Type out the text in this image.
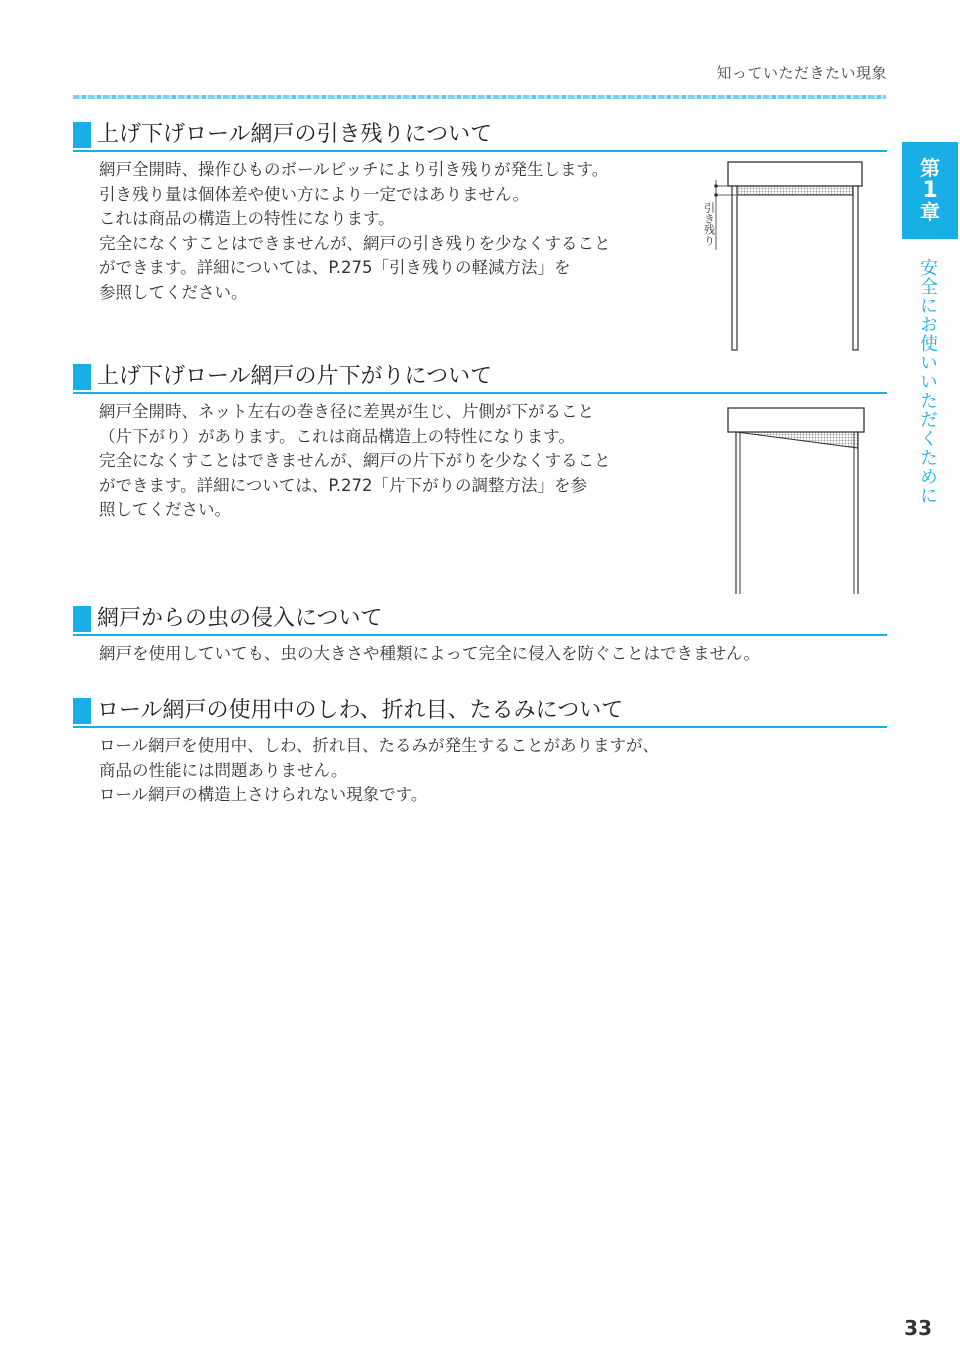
知っていただきたい現象
第
1
章
安全にお使いいただくために
上げ下げロール網戸の引き残りについて

網戸全開時、操作ひものボールピッチにより引き残りが発生します。

引き残り量は個体差や使い方により一定ではありません。

これは商品の構造上の特性になります。

完全になくすことはできませんが、網戸の引き残りを少なくすること

ができます。詳細については、P.275「引き残りの軽減方法」を

参照してください。

引き残り
上げ下げロール網戸の片下がりについて

網戸全開時、ネット左右の巻き径に差異が生じ、片側が下がること

（片下がり）があります。これは商品構造上の特性になります。

完全になくすことはできませんが、網戸の片下がりを少なくすること

ができます。詳細については、P.272「片下がりの調整方法」を参

照してください。

網戸からの虫の侵入について

網戸を使用していても、虫の大きさや種類によって完全に侵入を防ぐことはできません。

ロール網戸の使用中のしわ、折れ目、たるみについて

ロール網戸を使用中、しわ、折れ目、たるみが発生することがありますが、

商品の性能には問題ありません。

ロール網戸の構造上さけられない現象です。

33
